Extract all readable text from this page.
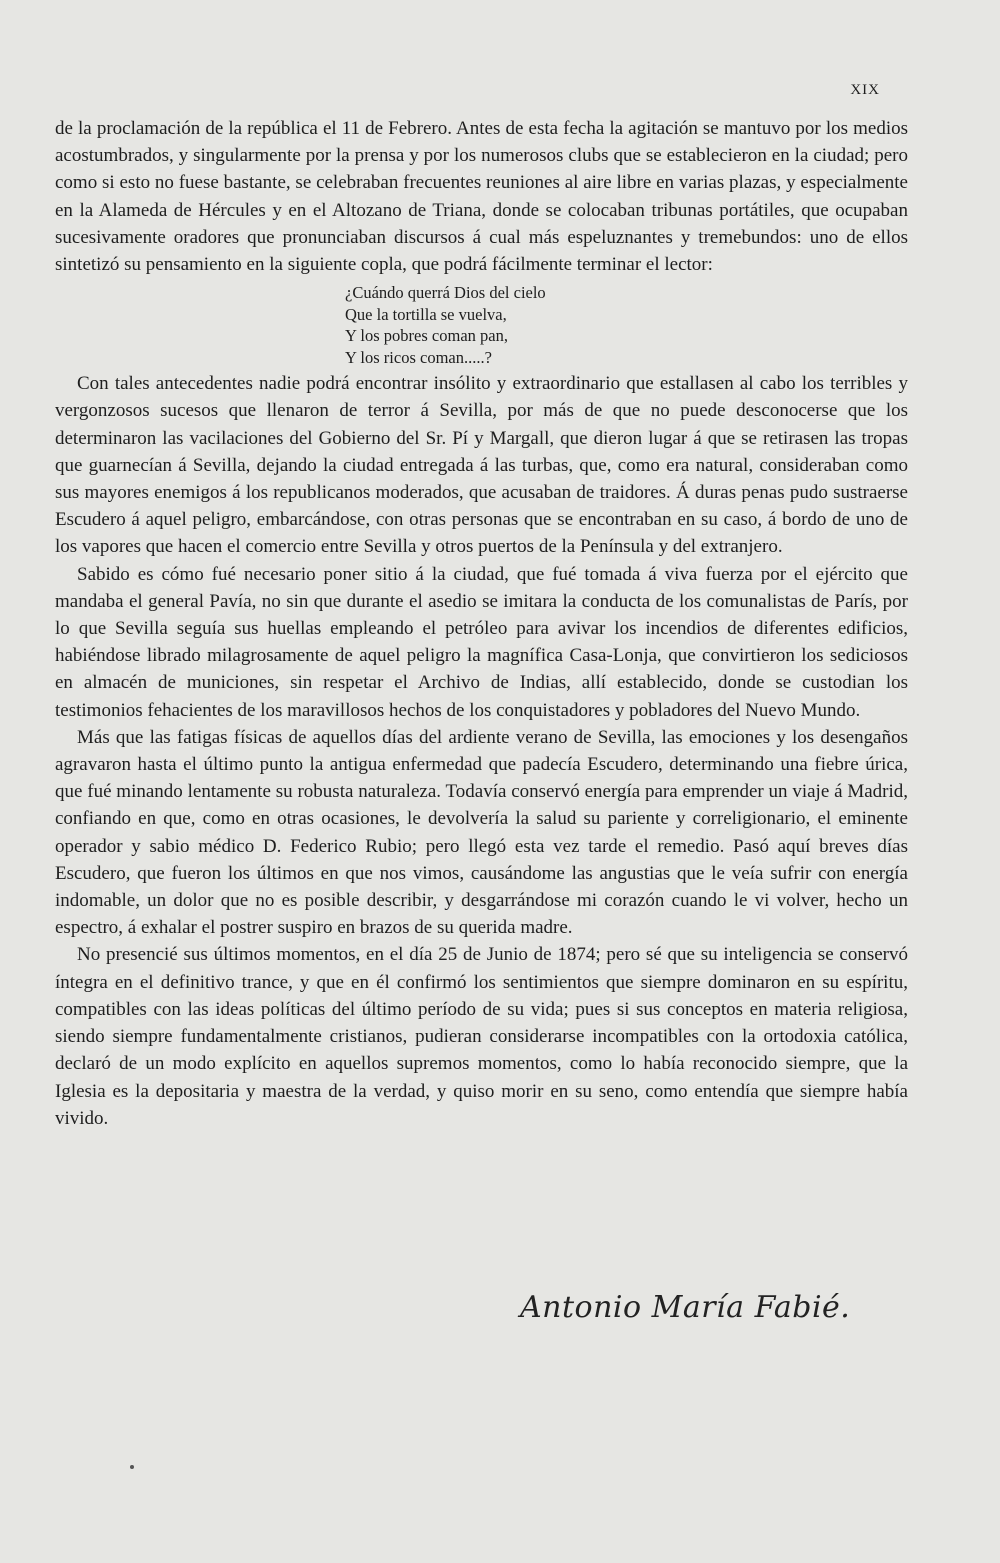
XIX

de la proclamación de la república el 11 de Febrero. Antes de esta fecha la agitación se mantuvo por los medios acostumbrados, y singularmente por la prensa y por los numerosos clubs que se establecieron en la ciudad; pero como si esto no fuese bastante, se celebraban frecuentes reuniones al aire libre en varias plazas, y especialmente en la Alameda de Hércules y en el Altozano de Triana, donde se colocaban tribunas portátiles, que ocupaban sucesivamente oradores que pronunciaban discursos á cual más espeluznantes y tremebundos: uno de ellos sintetizó su pensamiento en la siguiente copla, que podrá fácilmente terminar el lector:

¿Cuándo querrá Dios del cielo
Que la tortilla se vuelva,
Y los pobres coman pan,
Y los ricos coman.....?

Con tales antecedentes nadie podrá encontrar insólito y extraordinario que estallasen al cabo los terribles y vergonzosos sucesos que llenaron de terror á Sevilla, por más de que no puede desconocerse que los determinaron las vacilaciones del Gobierno del Sr. Pí y Margall, que dieron lugar á que se retirasen las tropas que guarnecían á Sevilla, dejando la ciudad entregada á las turbas, que, como era natural, consideraban como sus mayores enemigos á los republicanos moderados, que acusaban de traidores. Á duras penas pudo sustraerse Escudero á aquel peligro, embarcándose, con otras personas que se encontraban en su caso, á bordo de uno de los vapores que hacen el comercio entre Sevilla y otros puertos de la Península y del extranjero.

Sabido es cómo fué necesario poner sitio á la ciudad, que fué tomada á viva fuerza por el ejército que mandaba el general Pavía, no sin que durante el asedio se imitara la conducta de los comunalistas de París, por lo que Sevilla seguía sus huellas empleando el petróleo para avivar los incendios de diferentes edificios, habiéndose librado milagrosamente de aquel peligro la magnífica Casa-Lonja, que convirtieron los sediciosos en almacén de municiones, sin respetar el Archivo de Indias, allí establecido, donde se custodian los testimonios fehacientes de los maravillosos hechos de los conquistadores y pobladores del Nuevo Mundo.

Más que las fatigas físicas de aquellos días del ardiente verano de Sevilla, las emociones y los desengaños agravaron hasta el último punto la antigua enfermedad que padecía Escudero, determinando una fiebre úrica, que fué minando lentamente su robusta naturaleza. Todavía conservó energía para emprender un viaje á Madrid, confiando en que, como en otras ocasiones, le devolvería la salud su pariente y correligionario, el eminente operador y sabio médico D. Federico Rubio; pero llegó esta vez tarde el remedio. Pasó aquí breves días Escudero, que fueron los últimos en que nos vimos, causándome las angustias que le veía sufrir con energía indomable, un dolor que no es posible describir, y desgarrándose mi corazón cuando le vi volver, hecho un espectro, á exhalar el postrer suspiro en brazos de su querida madre.

No presencié sus últimos momentos, en el día 25 de Junio de 1874; pero sé que su inteligencia se conservó íntegra en el definitivo trance, y que en él confirmó los sentimientos que siempre dominaron en su espíritu, compatibles con las ideas políticas del último período de su vida; pues si sus conceptos en materia religiosa, siendo siempre fundamentalmente cristianos, pudieran considerarse incompatibles con la ortodoxia católica, declaró de un modo explícito en aquellos supremos momentos, como lo había reconocido siempre, que la Iglesia es la depositaria y maestra de la verdad, y quiso morir en su seno, como entendía que siempre había vivido.

Antonio María Fabié.
